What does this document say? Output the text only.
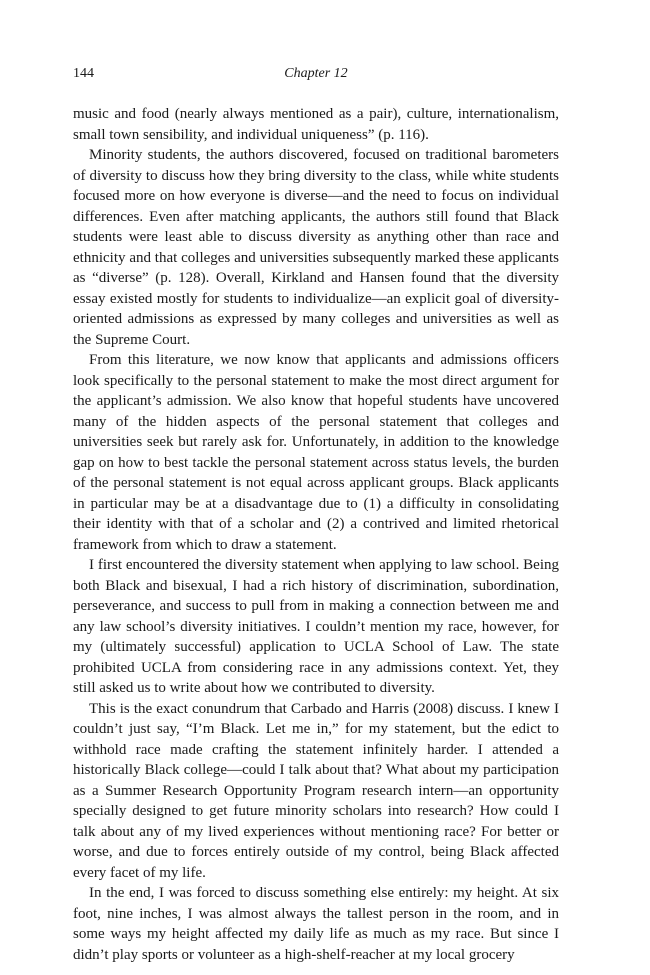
144	Chapter 12

music and food (nearly always mentioned as a pair), culture, internationalism, small town sensibility, and individual uniqueness” (p. 116).

Minority students, the authors discovered, focused on traditional barometers of diversity to discuss how they bring diversity to the class, while white students focused more on how everyone is diverse—and the need to focus on individual differences. Even after matching applicants, the authors still found that Black students were least able to discuss diversity as anything other than race and ethnicity and that colleges and universities subsequently marked these applicants as “diverse” (p. 128). Overall, Kirkland and Hansen found that the diversity essay existed mostly for students to individualize—an explicit goal of diversity-oriented admissions as expressed by many colleges and universities as well as the Supreme Court.

From this literature, we now know that applicants and admissions officers look specifically to the personal statement to make the most direct argument for the applicant’s admission. We also know that hopeful students have uncovered many of the hidden aspects of the personal statement that colleges and universities seek but rarely ask for. Unfortunately, in addition to the knowledge gap on how to best tackle the personal statement across status levels, the burden of the personal statement is not equal across applicant groups. Black applicants in particular may be at a disadvantage due to (1) a difficulty in consolidating their identity with that of a scholar and (2) a contrived and limited rhetorical framework from which to draw a statement.

I first encountered the diversity statement when applying to law school. Being both Black and bisexual, I had a rich history of discrimination, subordination, perseverance, and success to pull from in making a connection between me and any law school’s diversity initiatives. I couldn’t mention my race, however, for my (ultimately successful) application to UCLA School of Law. The state prohibited UCLA from considering race in any admissions context. Yet, they still asked us to write about how we contributed to diversity.

This is the exact conundrum that Carbado and Harris (2008) discuss. I knew I couldn’t just say, “I’m Black. Let me in,” for my statement, but the edict to withhold race made crafting the statement infinitely harder. I attended a historically Black college—could I talk about that? What about my participation as a Summer Research Opportunity Program research intern—an opportunity specially designed to get future minority scholars into research? How could I talk about any of my lived experiences without mentioning race? For better or worse, and due to forces entirely outside of my control, being Black affected every facet of my life.

In the end, I was forced to discuss something else entirely: my height. At six foot, nine inches, I was almost always the tallest person in the room, and in some ways my height affected my daily life as much as my race. But since I didn’t play sports or volunteer as a high-shelf-reacher at my local grocery
